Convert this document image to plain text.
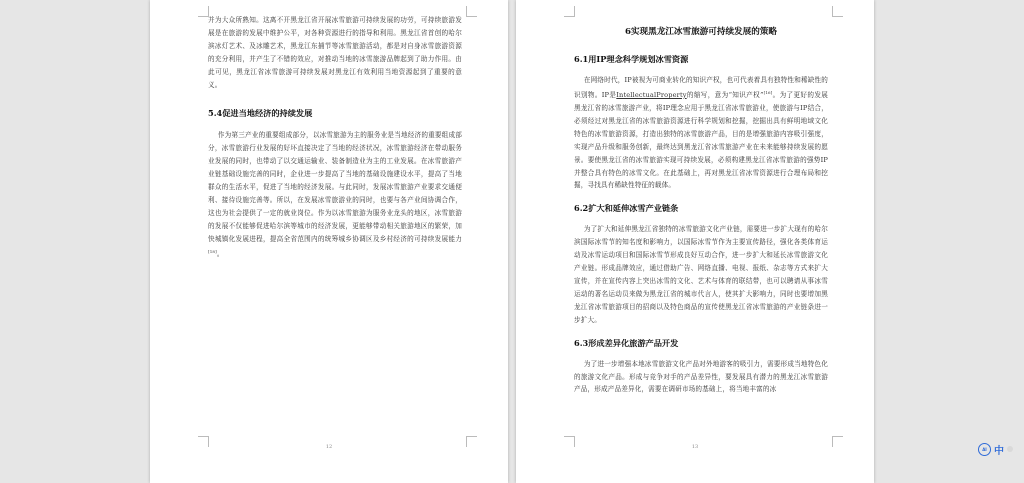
并为大众所熟知。这离不开黑龙江省开展冰雪旅游可持续发展的功劳，可持续旅游发展是在旅游的发展中维护公平，对各种资源进行的指导和利用。黑龙江省首创的哈尔滨冰灯艺术、及冰雕艺术，黑龙江东捕节等冰雪旅游活动，都是对自身冰雪旅游资源的充分利用，并产生了不错的效应，对推动当地的冰雪旅游品牌起到了助力作用。由此可见，黑龙江省冰雪旅游可持续发展对黑龙江有效利用当地资源起到了重要的意义。

5.4促进当地经济的持续发展

作为第三产业的重要组成部分，以冰雪旅游为主的服务业是当地经济的重要组成部分，冰雪旅游行业发展的好坏直接决定了当地的经济状况，冰雪旅游经济在带动服务业发展的同时，也带动了以交通运输业、装备制造业为主的工业发展。在冰雪旅游产业链基础设施完善的同时，企业进一步提高了当地的基础设施建设水平，提高了当地群众的生活水平，促进了当地的经济发展。与此同时，发展冰雪旅游产业要求交通便利、接待设施完善等。所以，在发展冰雪旅游业的同时，也要与各产业间协调合作，这也为社会提供了一定的就业岗位。作为以冰雪旅游为服务业龙头的地区，冰雪旅游的发展不仅能够促进哈尔滨等城市的经济发展，更能够带动相关旅游地区的繁荣，加快城镇化发展进程，提高全省范围内的统筹城乡协调区及乡村经济的可持续发展能力[18]。

12

6实现黑龙江冰雪旅游可持续发展的策略

6.1用IP理念科学规划冰雪资源

在网络时代，IP被视为可商业转化的知识产权，也可代表着具有独特性和稀缺性的识别物。IP是IntellectualProperty的缩写，意为“知识产权”[16]。为了更好的发展黑龙江省的冰雪旅游产业，将IP理念应用于黑龙江省冰雪旅游业，使旅游与IP结合，必须经过对黑龙江省的冰雪旅游资源进行科学规划和挖掘，挖掘出具有鲜明地域文化特色的冰雪旅游资源，打造出独特的冰雪旅游产品，目的是增强旅游内容吸引强度，实现产品升级和服务创新，最终达到黑龙江省冰雪旅游产业在未来能够持续发展的愿景。要使黑龙江省的冰雪旅游实现可持续发展，必须构建黑龙江省冰雪旅游的强势IP并整合具有特色的冰雪文化。在此基础上，再对黑龙江省冰雪资源进行合理布局和挖掘，寻找具有稀缺性特征的载体。

6.2扩大和延伸冰雪产业链条

为了扩大和延伸黑龙江省独特的冰雪旅游文化产业链，需要进一步扩大现有的哈尔滨国际冰雪节的知名度和影响力，以国际冰雪节作为主要宣传路径，强化各类体育运动及冰雪运动项目和国际冰雪节形成良好互动合作，进一步扩大和延长冰雪旅游文化产业链。形成品牌效应，通过借助广告、网络直播、电视、报纸、杂志等方式来扩大宣传，并在宣传内容上突出冰雪的文化、艺术与体育的联结带，也可以聘请从事冰雪运动的著名运动员来做为黑龙江省的城市代言人，使其扩大影响力，同时也要增加黑龙江省冰雪旅游项目的招商以及特色商品的宣传使黑龙江省冰雪旅游的产业链条进一步扩大。

6.3形成差异化旅游产品开发

为了进一步增强本地冰雪旅游文化产品对外地游客的吸引力，需要形成当地特色化的旅游文化产品。形成与竞争对手的产品差异性，要发展具有潜力的黑龙江冰雪旅游产品，形成产品差异化，需要在调研市场的基础上，将当地丰富的冰

13	AI 中
